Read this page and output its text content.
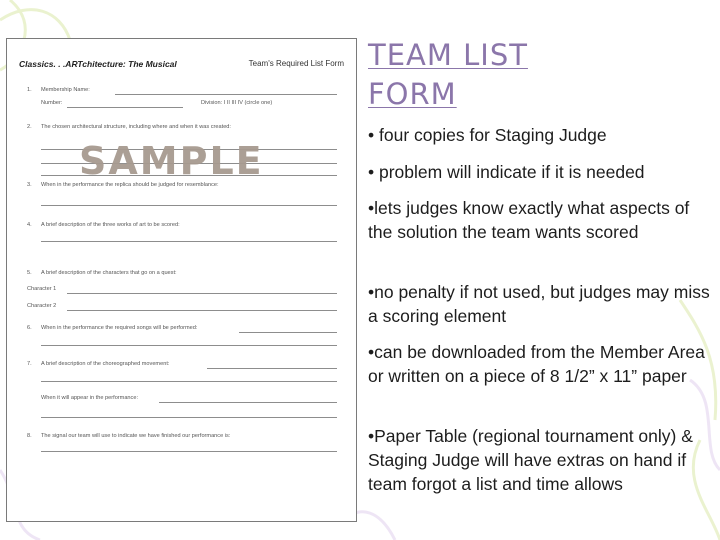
Classics. . .ARTchitecture: The Musical	Team's Required List Form
1. Membership Name:
Number:	Division: I II III IV (circle one)
2. The chosen architectural structure, including where and when it was created:
3. When in the performance the replica should be judged for resemblance:
4. A brief description of the three works of art to be scored:
5. A brief description of the characters that go on a quest:
Character 1
Character 2
6. When in the performance the required songs will be performed:
7. A brief description of the choreographed movement:
When it will appear in the performance:
8. The signal our team will use to indicate we have finished our performance is:
SAMPLE
TEAM LIST
FORM
• four copies for Staging Judge
• problem will indicate if it is needed
•lets judges know exactly what aspects of the solution the team wants scored
•no penalty if not used, but judges may miss a scoring element
•can be downloaded from the Member Area or written on a piece of 8 1/2” x 11” paper
•Paper Table (regional tournament only) & Staging Judge will have extras on hand if team forgot a list and time allows
